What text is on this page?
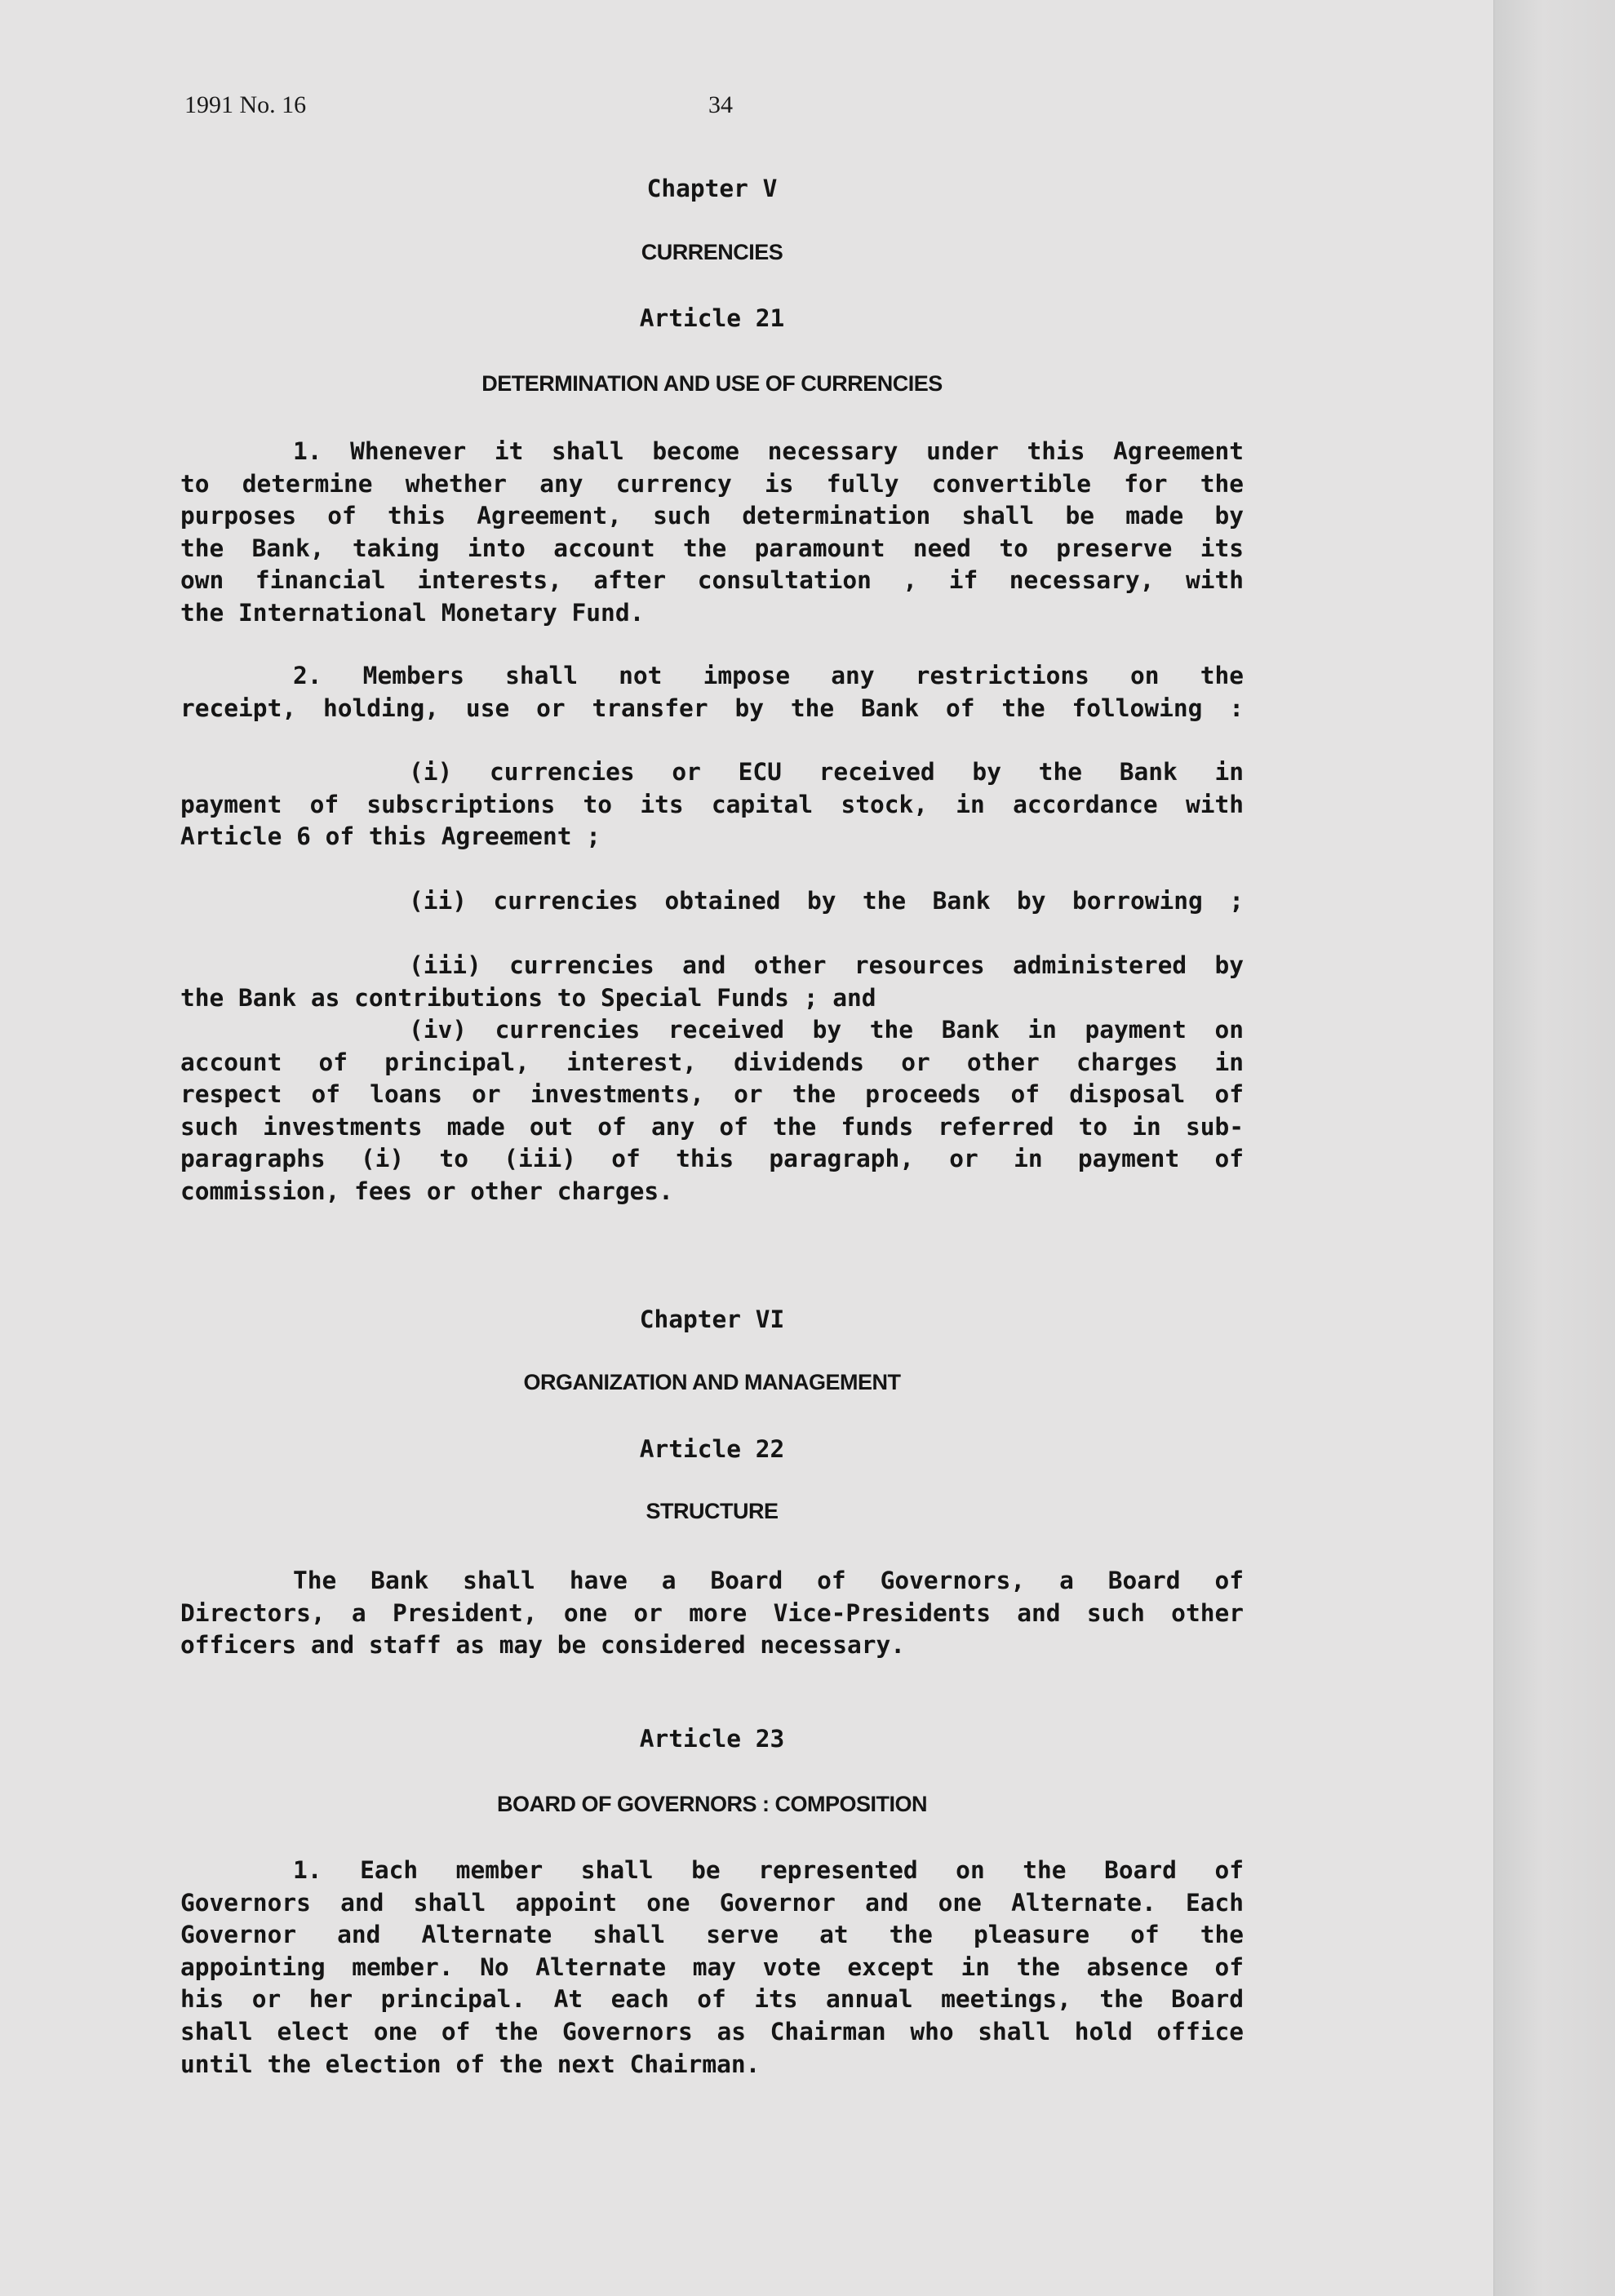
1991 No. 16	34
Chapter V
CURRENCIES
Article 21
DETERMINATION AND USE OF CURRENCIES
1. Whenever it shall become necessary under this Agreement
to determine whether any currency is fully convertible for the
purposes of this Agreement, such determination shall be made by
the Bank, taking into account the paramount need to preserve its
own financial interests, after consultation , if necessary, with
the International Monetary Fund.
2. Members shall not impose any restrictions on the
receipt, holding, use or transfer by the Bank of the following :
(i) currencies or ECU received by the Bank in
payment of subscriptions to its capital stock, in accordance with
Article 6 of this Agreement ;
(ii) currencies obtained by the Bank by borrowing ;
(iii) currencies and other resources administered by
the Bank as contributions to Special Funds ; and
(iv) currencies received by the Bank in payment on
account of principal, interest, dividends or other charges in
respect of loans or investments, or the proceeds of disposal of
such investments made out of any of the funds referred to in sub-
paragraphs (i) to (iii) of this paragraph, or in payment of
commission, fees or other charges.
Chapter VI
ORGANIZATION AND MANAGEMENT
Article 22
STRUCTURE
The Bank shall have a Board of Governors, a Board of
Directors, a President, one or more Vice-Presidents and such other
officers and staff as may be considered necessary.
Article 23
BOARD OF GOVERNORS : COMPOSITION
1. Each member shall be represented on the Board of
Governors and shall appoint one Governor and one Alternate. Each
Governor and Alternate shall serve at the pleasure of the
appointing member. No Alternate may vote except in the absence of
his or her principal. At each of its annual meetings, the Board
shall elect one of the Governors as Chairman who shall hold office
until the election of the next Chairman.
